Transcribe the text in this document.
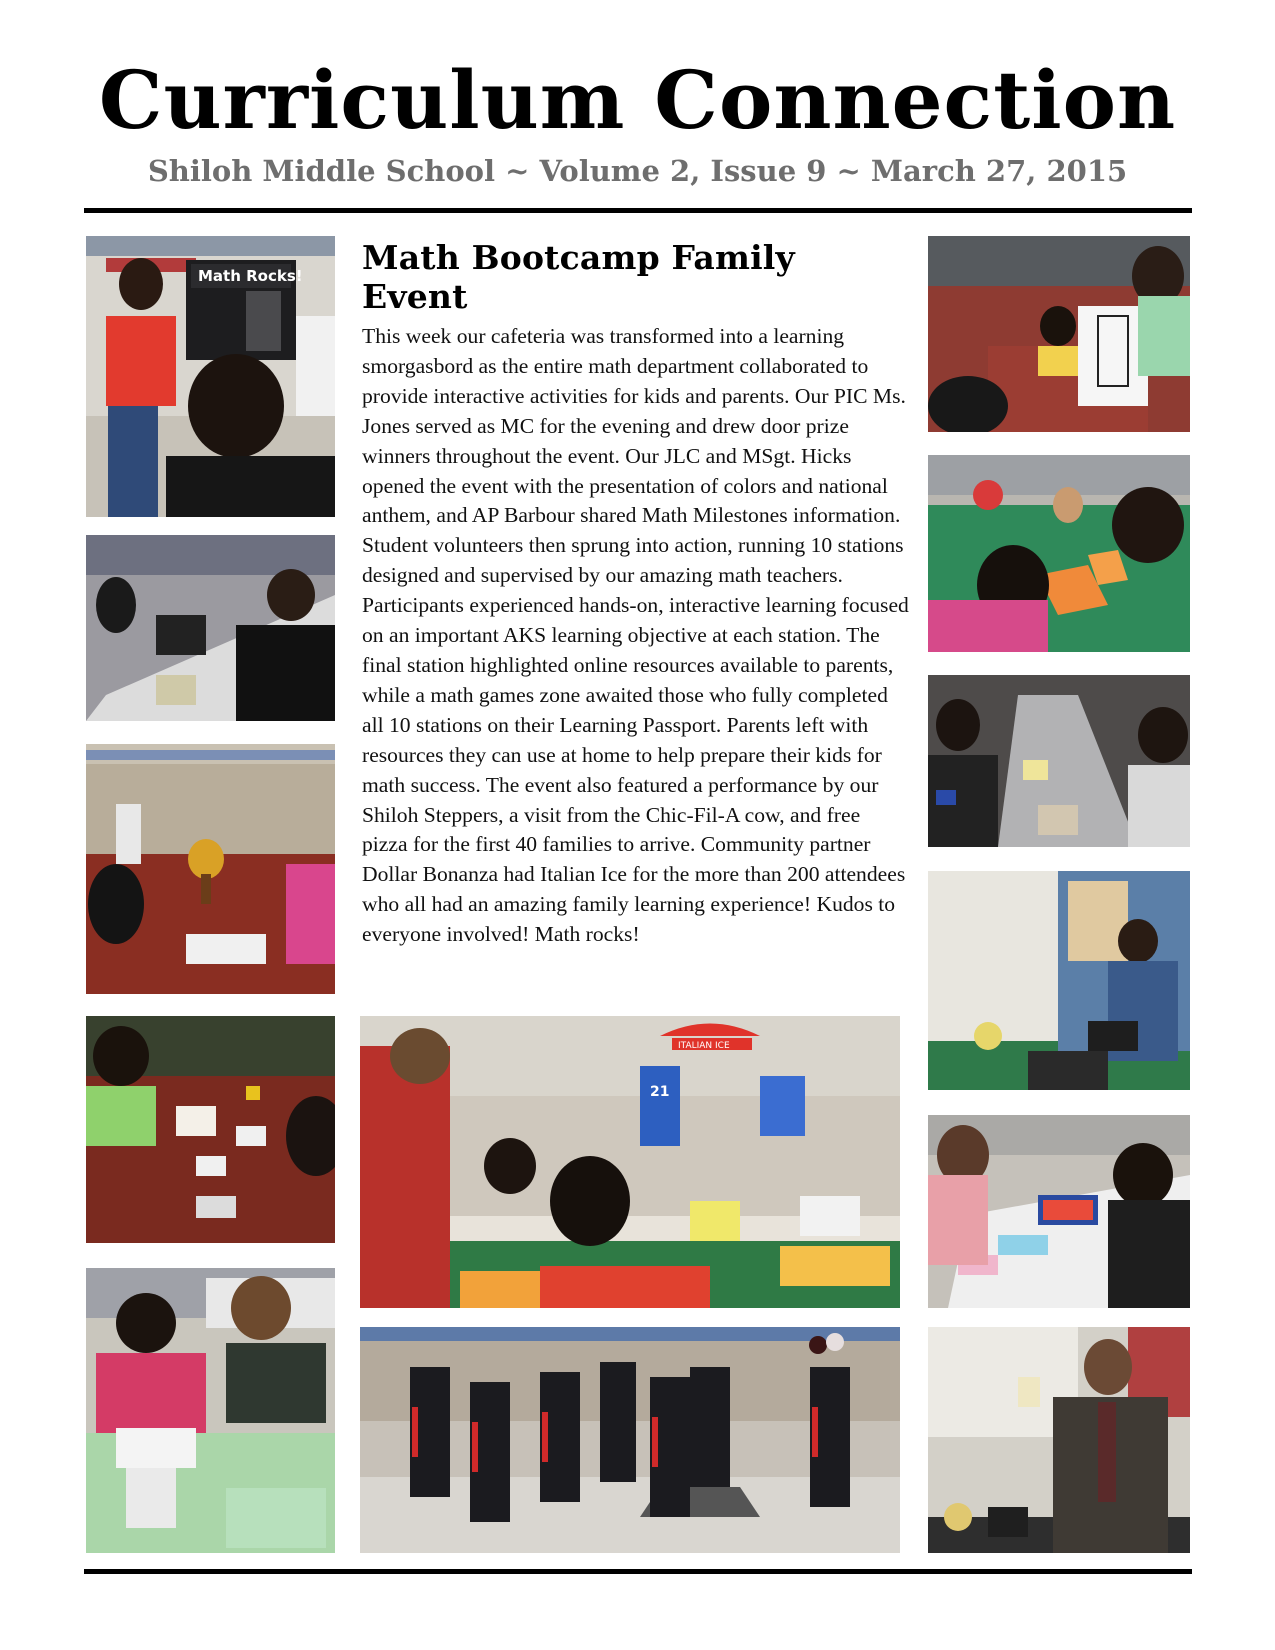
Curriculum Connection
Shiloh Middle School ~ Volume 2, Issue 9 ~ March 27, 2015
Math Rocks! Math Bootcamp Family Event

This week our cafeteria was transformed into a learning smorgasbord as the entire math department collaborated to provide interactive activities for kids and parents. Our PIC Ms. Jones served as MC for the evening and drew door prize winners throughout the event. Our JLC and MSgt. Hicks opened the event with the presentation of colors and national anthem, and AP Barbour shared Math Milestones information. Student volunteers then sprung into action, running 10 stations designed and supervised by our amazing math teachers. Participants experienced hands-on, interactive learning focused on an important AKS learning objective at each station. The final station highlighted online resources available to parents, while a math games zone awaited those who fully completed all 10 stations on their Learning Passport. Parents left with resources they can use at home to help prepare their kids for math success. The event also featured a performance by our Shiloh Steppers, a visit from the Chic-Fil-A cow, and free pizza for the first 40 families to arrive. Community partner Dollar Bonanza had Italian Ice for the more than 200 attendees who all had an amazing family learning experience! Kudos to everyone involved! Math rocks!

ITALIAN ICE
21
